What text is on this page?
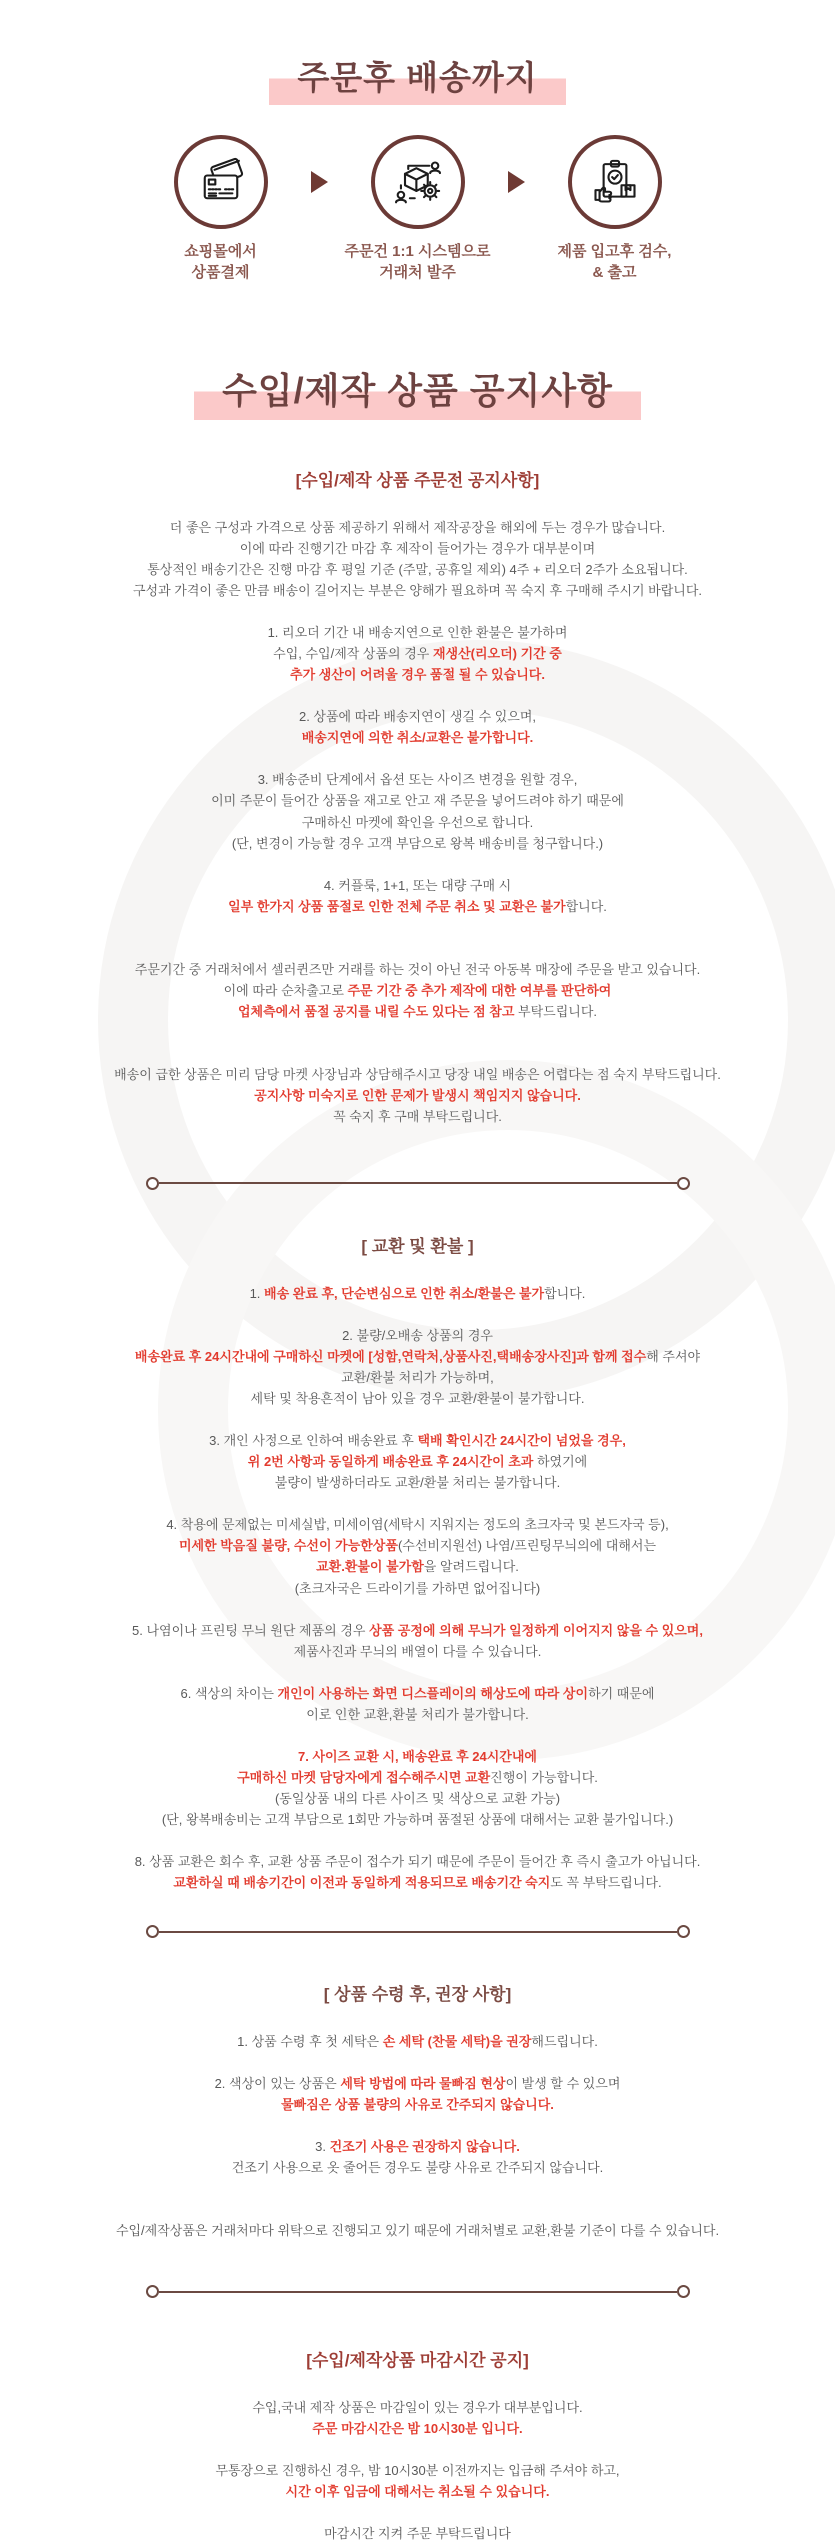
주문후 배송까지
쇼핑몰에서
상품결제
주문건 1:1 시스템으로
거래처 발주
제품 입고후 검수,
& 출고
수입/제작 상품 공지사항
[수입/제작 상품 주문전 공지사항]
더 좋은 구성과 가격으로 상품 제공하기 위해서 제작공장을 해외에 두는 경우가 많습니다.
이에 따라 진행기간 마감 후 제작이 들어가는 경우가 대부분이며
통상적인 배송기간은 진행 마감 후 평일 기준 (주말, 공휴일 제외) 4주 + 리오더 2주가 소요됩니다.
구성과 가격이 좋은 만큼 배송이 길어지는 부분은 양해가 필요하며 꼭 숙지 후 구매해 주시기 바랍니다.
1. 리오더 기간 내 배송지연으로 인한 환불은 불가하며
수입, 수입/제작 상품의 경우 재생산(리오더) 기간 중
추가 생산이 어려울 경우 품절 될 수 있습니다.
2. 상품에 따라 배송지연이 생길 수 있으며,
배송지연에 의한 취소/교환은 불가합니다.
3. 배송준비 단계에서 옵션 또는 사이즈 변경을 원할 경우,
이미 주문이 들어간 상품을 재고로 안고 재 주문을 넣어드려야 하기 때문에
구매하신 마켓에 확인을 우선으로 합니다.
(단, 변경이 가능할 경우 고객 부담으로 왕복 배송비를 청구합니다.)
4. 커플룩, 1+1, 또는 대량 구매 시
일부 한가지 상품 품절로 인한 전체 주문 취소 및 교환은 불가합니다.
주문기간 중 거래처에서 셀러퀸즈만 거래를 하는 것이 아닌 전국 아동복 매장에 주문을 받고 있습니다.
이에 따라 순차출고로 주문 기간 중 추가 제작에 대한 여부를 판단하여
업체측에서 품절 공지를 내릴 수도 있다는 점 참고 부탁드립니다.
배송이 급한 상품은 미리 담당 마켓 사장님과 상담해주시고 당장 내일 배송은 어렵다는 점 숙지 부탁드립니다.
공지사항 미숙지로 인한 문제가 발생시 책임지지 않습니다.
꼭 숙지 후 구매 부탁드립니다.
[ 교환 및 환불 ]
1. 배송 완료 후, 단순변심으로 인한 취소/환불은 불가합니다.
2. 불량/오배송 상품의 경우
배송완료 후 24시간내에 구매하신 마켓에 [성함,연락처,상품사진,택배송장사진]과 함께 접수해 주셔야
교환/환불 처리가 가능하며,
세탁 및 착용흔적이 남아 있을 경우 교환/환불이 불가합니다.
3. 개인 사정으로 인하여 배송완료 후 택배 확인시간 24시간이 넘었을 경우,
위 2번 사항과 동일하게 배송완료 후 24시간이 초과 하였기에
불량이 발생하더라도 교환/환불 처리는 불가합니다.
4. 착용에 문제없는 미세실밥, 미세이염(세탁시 지워지는 정도의 초크자국 및 본드자국 등),
미세한 박음질 불량, 수선이 가능한상품(수선비지원선) 나염/프린팅무늬의에 대해서는
교환.환불이 불가함을 알려드립니다.
(초크자국은 드라이기를 가하면 없어집니다)
5. 나염이나 프린팅 무늬 원단 제품의 경우 상품 공정에 의해 무늬가 일정하게 이어지지 않을 수 있으며,
제품사진과 무늬의 배열이 다를 수 있습니다.
6. 색상의 차이는 개인이 사용하는 화면 디스플레이의 해상도에 따라 상이하기 때문에
이로 인한 교환,환불 처리가 불가합니다.
7. 사이즈 교환 시, 배송완료 후 24시간내에
구매하신 마켓 담당자에게 접수해주시면 교환진행이 가능합니다.
(동일상품 내의 다른 사이즈 및 색상으로 교환 가능)
(단, 왕복배송비는 고객 부담으로 1회만 가능하며 품절된 상품에 대해서는 교환 불가입니다.)
8. 상품 교환은 회수 후, 교환 상품 주문이 접수가 되기 때문에 주문이 들어간 후 즉시 출고가 아닙니다.
교환하실 때 배송기간이 이전과 동일하게 적용되므로 배송기간 숙지도 꼭 부탁드립니다.
[ 상품 수령 후, 권장 사항]
1. 상품 수령 후 첫 세탁은 손 세탁 (찬물 세탁)을 권장해드립니다.
2. 색상이 있는 상품은 세탁 방법에 따라 물빠짐 현상이 발생 할 수 있으며
물빠짐은 상품 불량의 사유로 간주되지 않습니다.
3. 건조기 사용은 권장하지 않습니다.
건조기 사용으로 옷 줄어든 경우도 불량 사유로 간주되지 않습니다.
수입/제작상품은 거래처마다 위탁으로 진행되고 있기 때문에 거래처별로 교환,환불 기준이 다를 수 있습니다.
[수입/제작상품 마감시간 공지]
수입,국내 제작 상품은 마감일이 있는 경우가 대부분입니다.
주문 마감시간은 밤 10시30분 입니다.
무통장으로 진행하신 경우, 밤 10시30분 이전까지는 입금해 주셔야 하고,
시간 이후 입금에 대해서는 취소될 수 있습니다.
마감시간 지켜 주문 부탁드립니다
